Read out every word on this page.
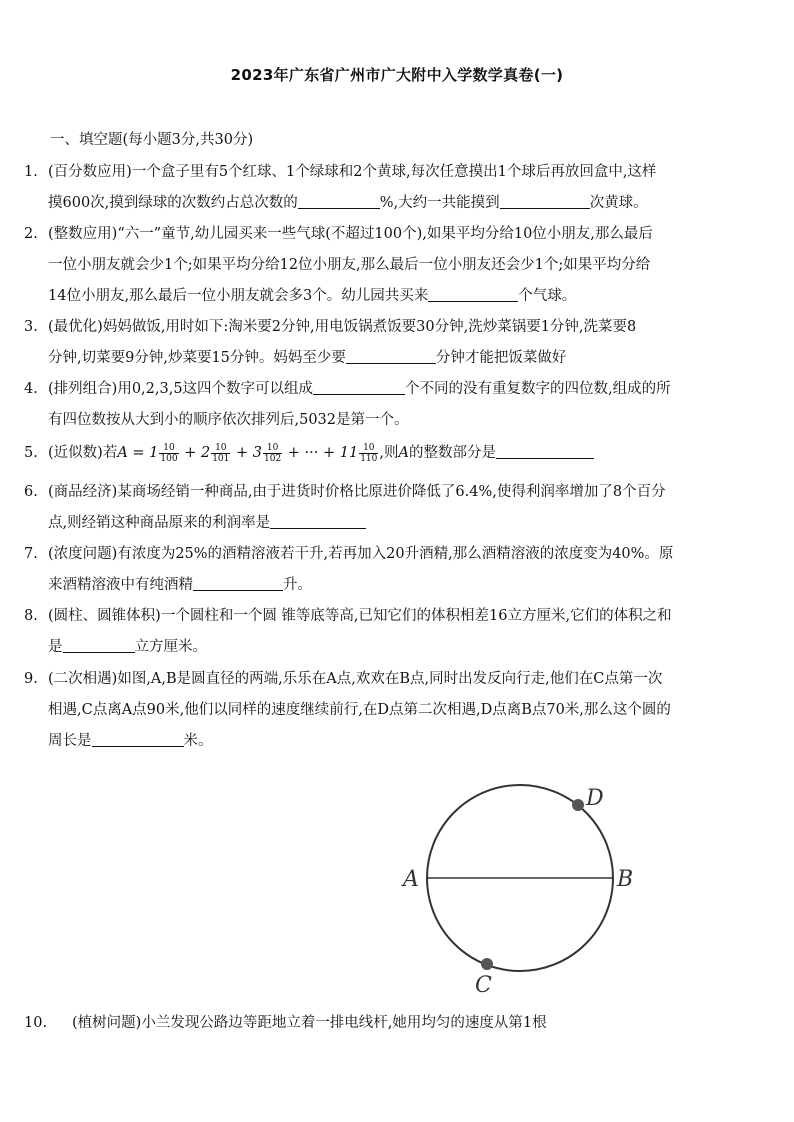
2023年广东省广州市广大附中入学数学真卷(一)
一、填空题(每小题3分,共30分)
1. (百分数应用)一个盒子里有5个红球、1个绿球和2个黄球,每次任意摸出1个球后再放回盒中,这样
摸600次,摸到绿球的次数约占总次数的	%,大约一共能摸到	次黄球。
2. (整数应用)“六一”童节,幼儿园买来一些气球(不超过100个),如果平均分给10位小朋友,那么最后
一位小朋友就会少1个;如果平均分给12位小朋友,那么最后一位小朋友还会少1个;如果平均分给
14位小朋友,那么最后一位小朋友就会多3个。幼儿园共买来	个气球。
3. (最优化)妈妈做饭,用时如下:淘米要2分钟,用电饭锅煮饭要30分钟,洗炒菜锅要1分钟,洗菜要8
分钟,切菜要9分钟,炒菜要15分钟。妈妈至少要	分钟才能把饭菜做好
4. (排列组合)用0,2,3,5这四个数字可以组成	个不同的没有重复数字的四位数,组成的所
有四位数按从大到小的顺序依次排列后,5032是第一个。
5. (近似数)若$A = 1 \frac{10}{100} + 2 \frac{10}{101} + 3 \frac{10}{102}$ + ··· + $11 \frac{10}{110}$ ,则A的整数部分是
6. (商品经济)某商场经销一种商品,由于进货时价格比原进价降低了6.4%,使得利润率增加了8个百分
点,则经销这种商品原来的利润率是
7. (浓度问题)有浓度为25%的酒精溶液若干升,若再加入20升酒精,那么酒精溶液的浓度变为40%。原
来酒精溶液中有纯酒精	升。
8. (圆柱、圆锥体积)一个圆柱和一个圆 锥等底等高,已知它们的体积相差16立方厘米,它们的体积之和
是	立方厘米。
9. (二次相遇)如图,A,B是圆直径的两端,乐乐在A点,欢欢在B点,同时出发反向行走,他们在C点第一次
相遇,C点离A点90米,他们以同样的速度继续前行,在D点第二次相遇,D点离B点70米,那么这个圆的
周长是	米。
A	B
C
D
10. (植树问题)小兰发现公路边等距地立着一排电线杆,她用均匀的速度从第1根
